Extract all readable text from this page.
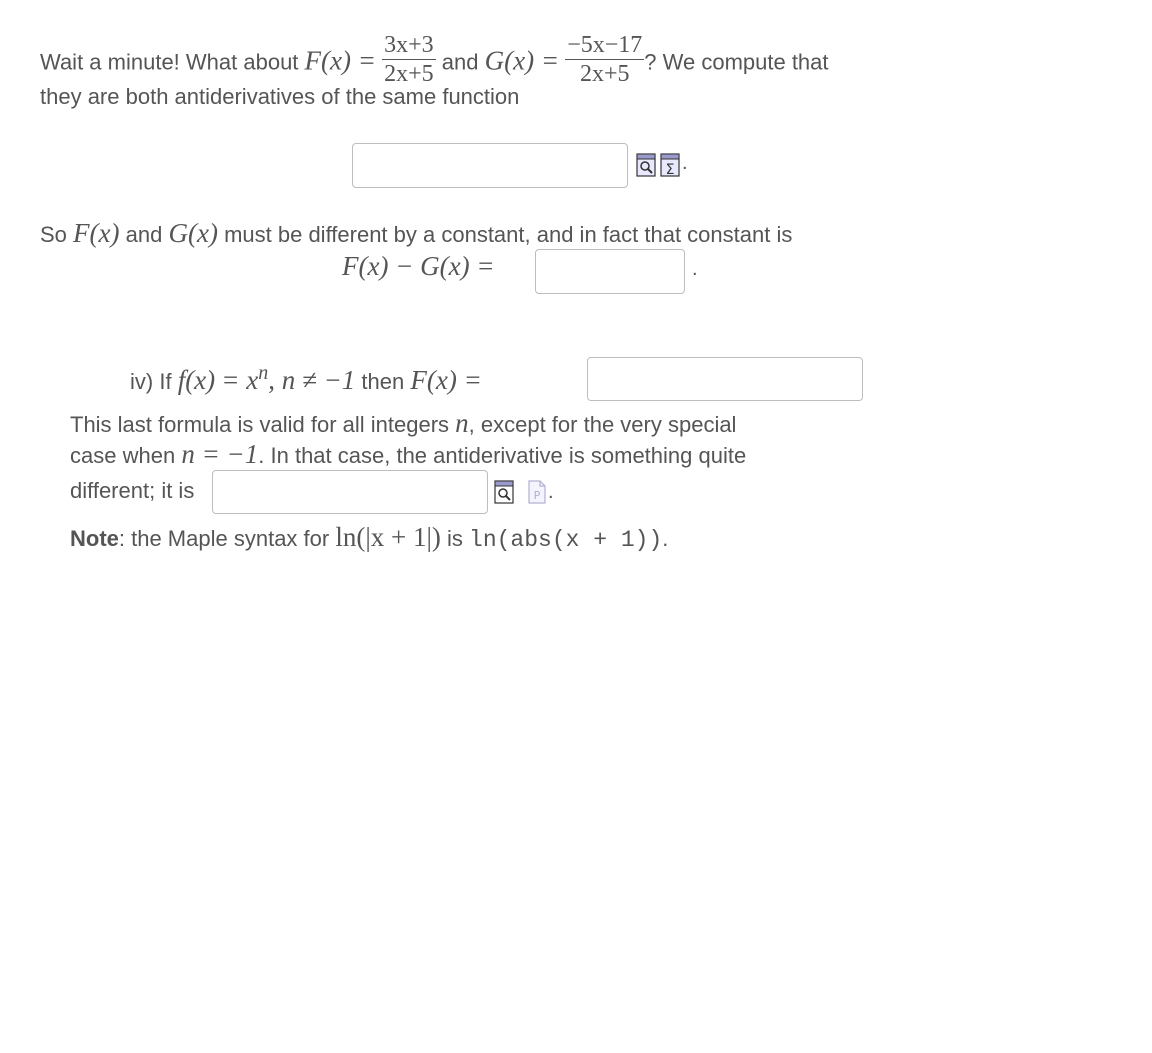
Wait a minute! What about $F(x) = \frac{3x+3}{2x+5}$ and $G(x) = \frac{-5x-17}{2x+5}$ ? We compute that
they are both antiderivatives of the same function
Σ .
So F(x) and G(x) must be different by a constant, and in fact that constant is
F(x) − G(x) =	.
iv) If $f(x) = x^n$, n ≠ −1 then F(x) =
This last formula is valid for all integers n, except for the very special
case when n = −1. In that case, the antiderivative is something quite
different; it is	P .
Note: the Maple syntax for ln(|x + 1|) is ln(abs(x + 1)).
